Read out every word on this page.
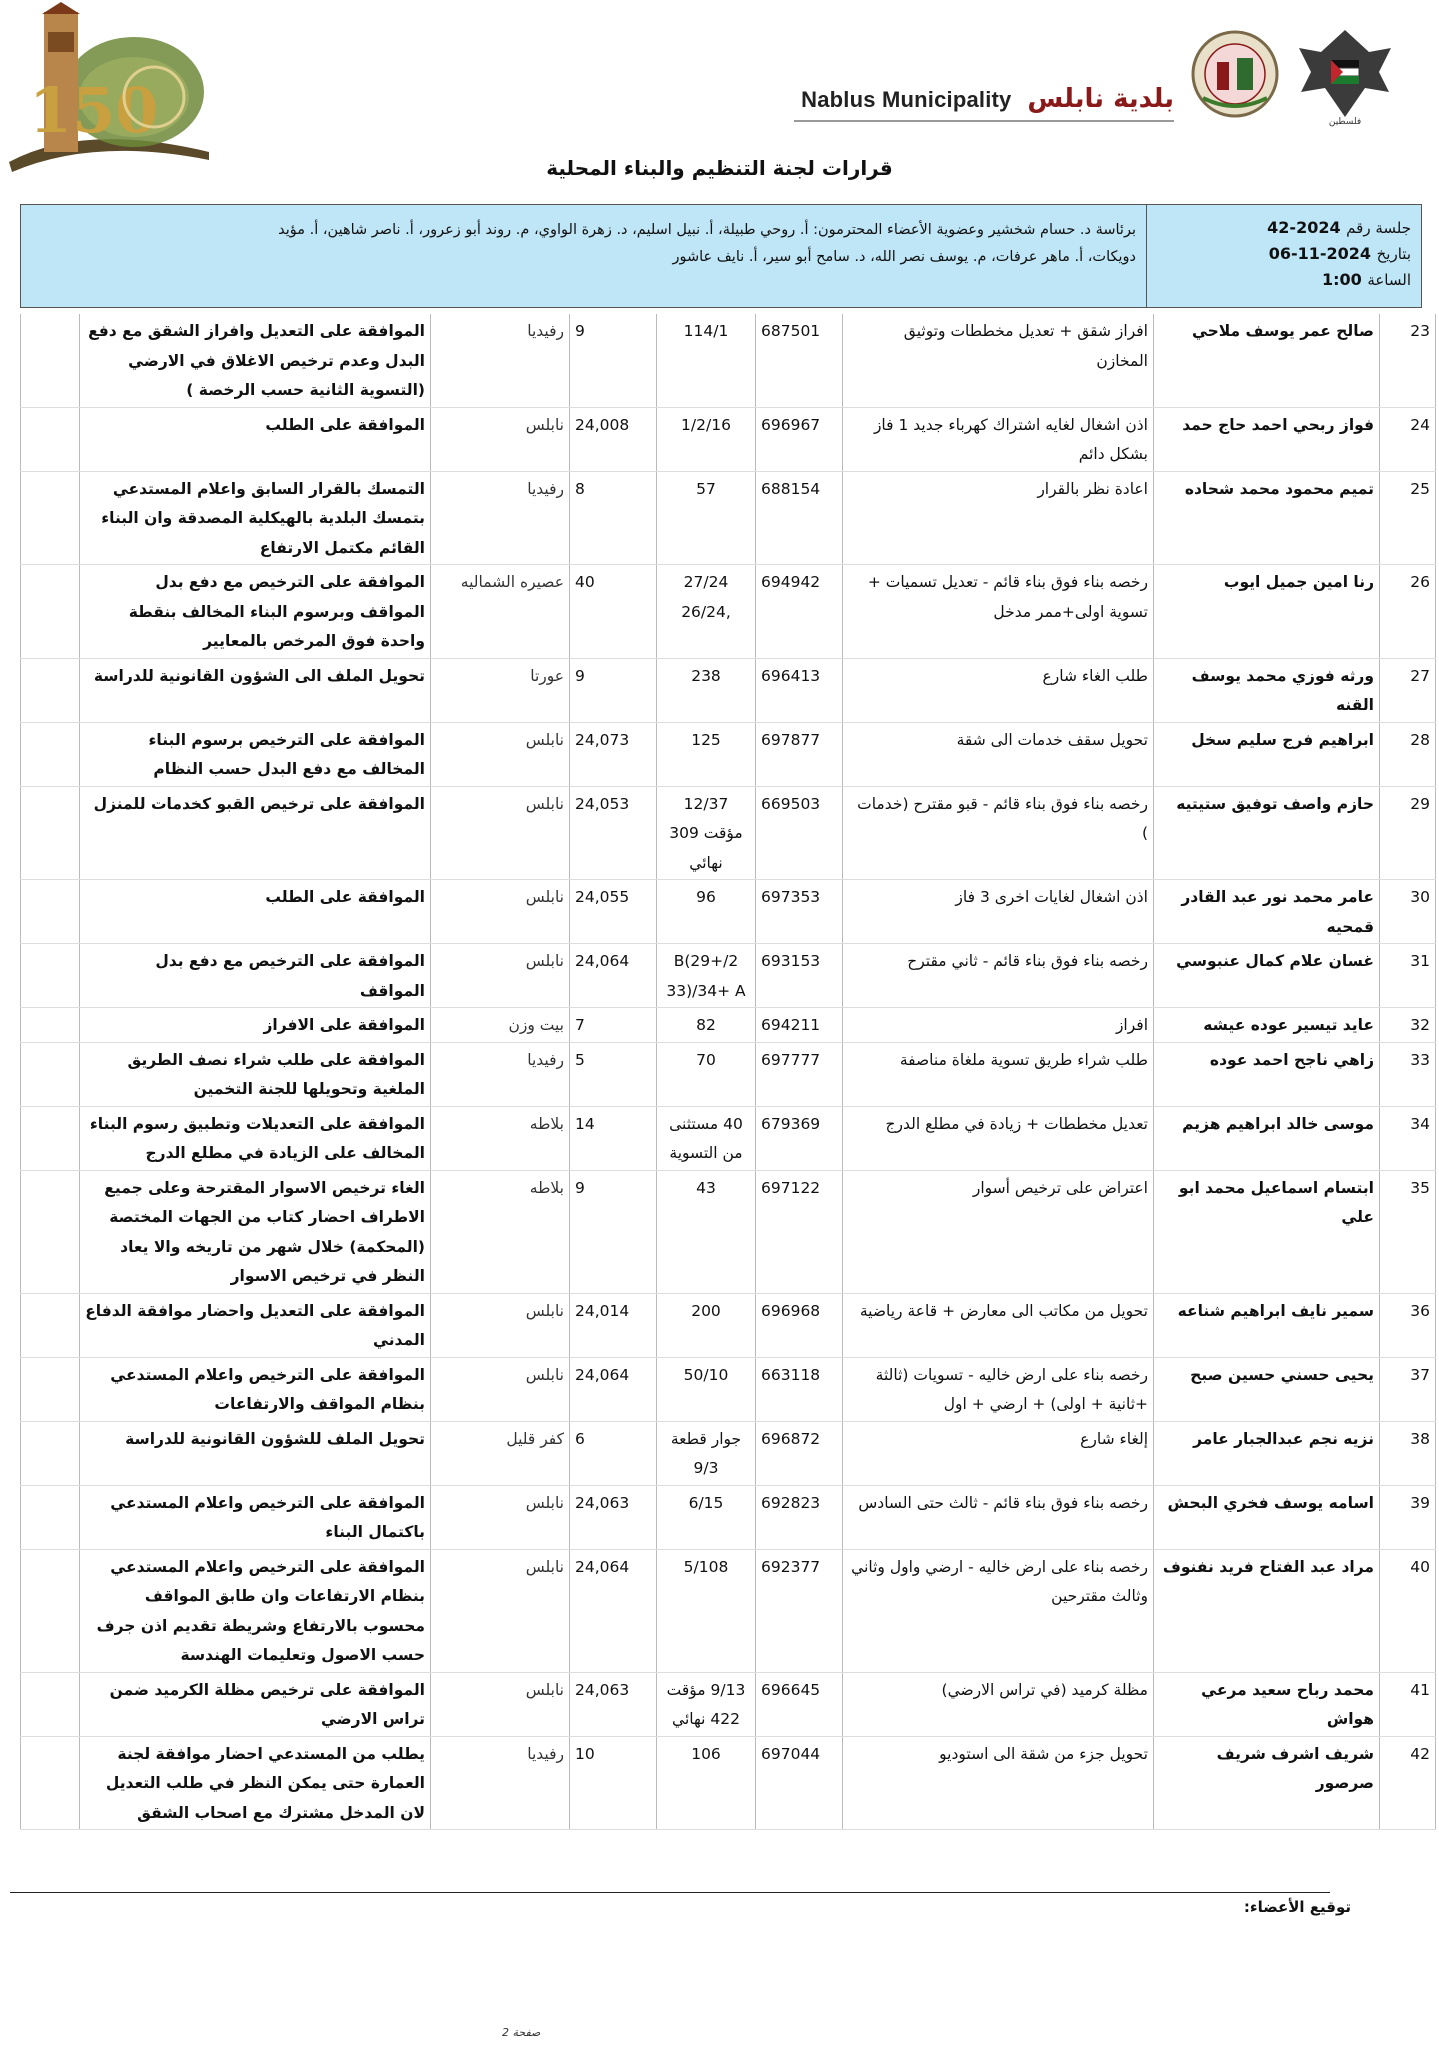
150	فلسطين
Nablus Municipality بلدية نابلس
قرارات لجنة التنظيم والبناء المحلية
جلسة رقم 2024-42
بتاريخ 2024-11-06
الساعة 1:00
برئاسة د. حسام شخشير وعضوية الأعضاء المحترمون: أ. روحي طبيلة، أ. نبيل اسليم، د. زهرة الواوي، م. روند أبو زعرور، أ. ناصر شاهين، أ. مؤيد
دويكات، أ. ماهر عرفات، م. يوسف نصر الله، د. سامح أبو سير، أ. نايف عاشور
23	صالح عمر يوسف ملاحي	افراز شقق + تعديل مخططات وتوثيق المخازن	687501	114/1	9	رفيديا	الموافقة على التعديل وافراز الشقق مع دفع البدل وعدم ترخيص الاغلاق في الارضي (التسوية الثانية حسب الرخصة )	
24	فواز ربحي احمد حاج حمد	اذن اشغال لغايه اشتراك كهرباء جديد 1 فاز بشكل دائم	696967	1/2/16	24,008	نابلس	الموافقة على الطلب	
25	تميم محمود محمد شحاده	اعادة نظر بالقرار	688154	57	8	رفيديا	التمسك بالقرار السابق واعلام المستدعي بتمسك البلدية بالهيكلية المصدقة وان البناء القائم مكتمل الارتفاع	
26	رنا امين جميل ايوب	رخصه بناء فوق بناء قائم - تعديل تسميات + تسوية اولى+ممر مدخل	694942	27/24 ,26/24	40	عصيره الشماليه	الموافقة على الترخيص مع دفع بدل المواقف وبرسوم البناء المخالف بنقطة واحدة فوق المرخص بالمعايير	
27	ورثه فوزي محمد يوسف القنه	طلب الغاء شارع	696413	238	9	عورتا	تحويل الملف الى الشؤون القانونية للدراسة	
28	ابراهيم فرج سليم سخل	تحويل سقف خدمات الى شقة	697877	125	24,073	نابلس	الموافقة على الترخيص برسوم البناء المخالف مع دفع البدل حسب النظام	
29	حازم واصف توفيق ستيتيه	رخصه بناء فوق بناء قائم - قبو مقترح (خدمات )	669503	12/37 مؤقت 309 نهائي	24,053	نابلس	الموافقة على ترخيص القبو كخدمات للمنزل	
30	عامر محمد نور عبد القادر قمحيه	اذن اشغال لغايات اخرى 3 فاز	697353	96	24,055	نابلس	الموافقة على الطلب	
31	غسان علام كمال عنبوسي	رخصه بناء فوق بناء قائم - ثاني مقترح	693153	B(29+/2 33)/34+ A	24,064	نابلس	الموافقة على الترخيص مع دفع بدل المواقف	
32	عايد تيسير عوده عيشه	افراز	694211	82	7	بيت وزن	الموافقة على الافراز	
33	زاهي ناجح احمد عوده	طلب شراء طريق تسوية ملغاة مناصفة	697777	70	5	رفيديا	الموافقة على طلب شراء نصف الطريق الملغية وتحويلها للجنة التخمين	
34	موسى خالد ابراهيم هزيم	تعديل مخططات + زيادة في مطلع الدرج	679369	40 مستثنى من التسوية	14	بلاطه	الموافقة على التعديلات وتطبيق رسوم البناء المخالف على الزيادة في مطلع الدرج	
35	ابتسام اسماعيل محمد ابو علي	اعتراض على ترخيص أسوار	697122	43	9	بلاطه	الغاء ترخيص الاسوار المقترحة وعلى جميع الاطراف احضار كتاب من الجهات المختصة (المحكمة) خلال شهر من تاريخه والا يعاد النظر في ترخيص الاسوار	
36	سمير نايف ابراهيم شناعه	تحويل من مكاتب الى معارض + قاعة رياضية	696968	200	24,014	نابلس	الموافقة على التعديل واحضار موافقة الدفاع المدني	
37	يحيى حسني حسين صبح	رخصه بناء على ارض خاليه - تسويات (ثالثة +ثانية + اولى) + ارضي + اول	663118	50/10	24,064	نابلس	الموافقة على الترخيص واعلام المستدعي بنظام المواقف والارتفاعات	
38	نزيه نجم عبدالجبار عامر	إلغاء شارع	696872	جوار قطعة 9/3	6	كفر قليل	تحويل الملف للشؤون القانونية للدراسة	
39	اسامه يوسف فخري البحش	رخصه بناء فوق بناء قائم - ثالث حتى السادس	692823	6/15	24,063	نابلس	الموافقة على الترخيص واعلام المستدعي باكتمال البناء	
40	مراد عبد الفتاح فريد نفنوف	رخصه بناء على ارض خاليه - ارضي واول وثاني وثالث مقترحين	692377	5/108	24,064	نابلس	الموافقة على الترخيص واعلام المستدعي بنظام الارتفاعات وان طابق المواقف محسوب بالارتفاع وشريطة تقديم اذن جرف حسب الاصول وتعليمات الهندسة	
41	محمد رباح سعيد مرعي هواش	مظلة كرميد (في تراس الارضي)	696645	9/13 مؤقت 422 نهائي	24,063	نابلس	الموافقة على ترخيص مظلة الكرميد ضمن تراس الارضي	
42	شريف اشرف شريف صرصور	تحويل جزء من شقة الى استوديو	697044	106	10	رفيديا	يطلب من المستدعي احضار موافقة لجنة العمارة حتى يمكن النظر في طلب التعديل لان المدخل مشترك مع اصحاب الشقق	
توقيع الأعضاء:
صفحة 2
